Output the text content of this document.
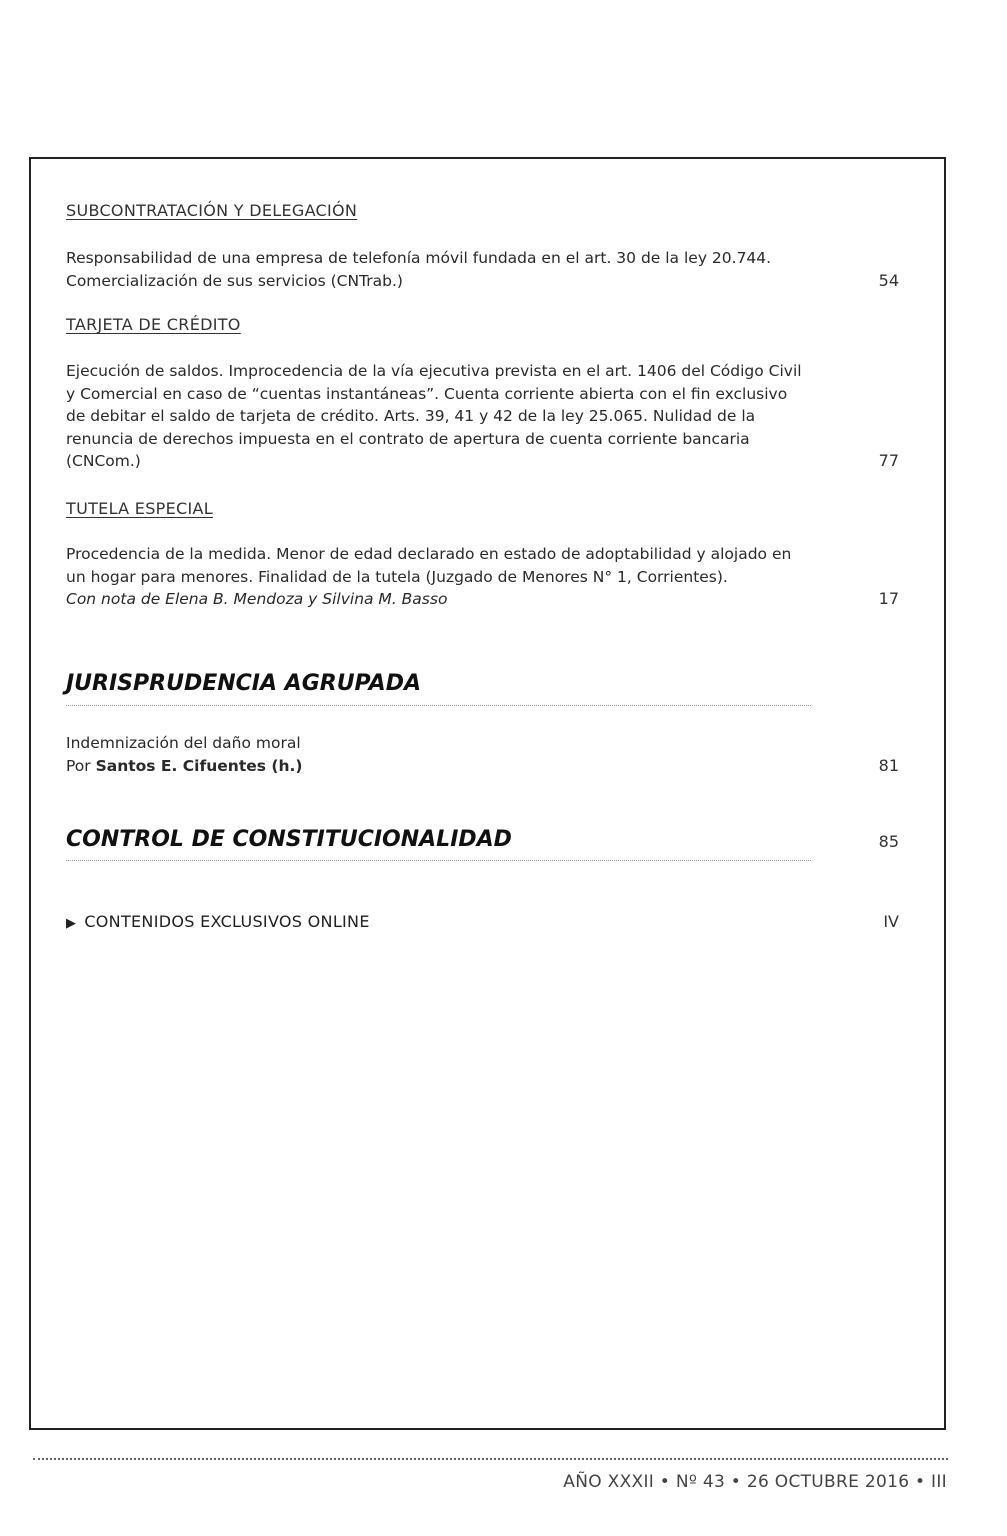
SUBCONTRATACIÓN Y DELEGACIÓN
Responsabilidad de una empresa de telefonía móvil fundada en el art. 30 de la ley 20.744. Comercialización de sus servicios (CNTrab.)	54
TARJETA DE CRÉDITO
Ejecución de saldos. Improcedencia de la vía ejecutiva prevista en el art. 1406 del Código Civil y Comercial en caso de “cuentas instantáneas”. Cuenta corriente abierta con el fin exclusivo de debitar el saldo de tarjeta de crédito. Arts. 39, 41 y 42 de la ley 25.065. Nulidad de la renuncia de derechos impuesta en el contrato de apertura de cuenta corriente bancaria (CNCom.)	77
TUTELA ESPECIAL
Procedencia de la medida. Menor de edad declarado en estado de adoptabilidad y alojado en un hogar para menores. Finalidad de la tutela (Juzgado de Menores N° 1, Corrientes).
Con nota de Elena B. Mendoza y Silvina M. Basso	17
JURISPRUDENCIA AGRUPADA
Indemnización del daño moral
Por Santos E. Cifuentes (h.)	81
CONTROL DE CONSTITUCIONALIDAD	85
▶ CONTENIDOS EXCLUSIVOS ONLINE	IV
AÑO XXXII • Nº 43 • 26 OCTUBRE 2016 • III
